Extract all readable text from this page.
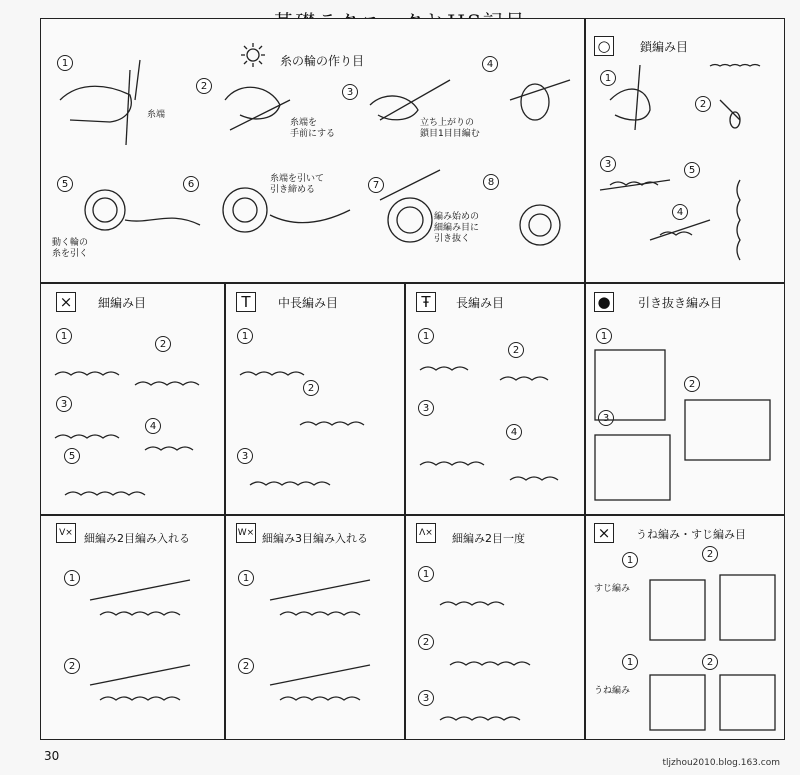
糸の輪の作り目
1
2
3
4
5	6	7	8
糸端
糸端を
手前にする
立ち上がりの
鎖目1目目編む
糸端を引いて
引き締める
動く輪の
糸を引く
編み始めの
細編み目に
引き抜く
○ 鎖編み目
1
2
3
4
5
×	細編み目
1
2
3
4
5
T	中長編み目
1
2
3
Ŧ	長編み目
1
2
3
4
● 引き抜き編み目
1
2
3
V× 細編み2目編み入れる
1
2
W× 細編み3目編み入れる
1
2
Λ× 細編み2目一度
1
2
3
×	うね編み・すじ編み目
1
2
1	2
すじ編み
うね編み
30	tljzhou2010.blog.163.com
